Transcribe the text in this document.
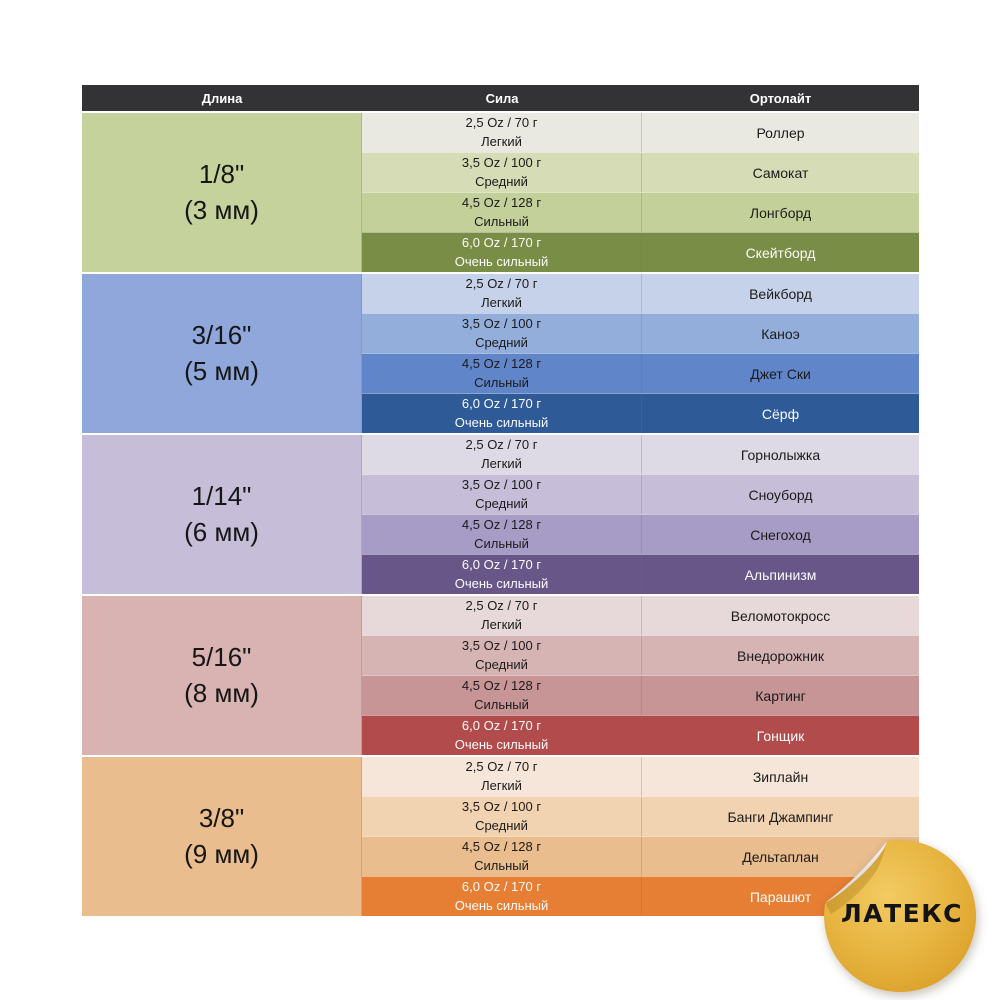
Длина	Сила	Ортолайт
1/8"
(3 мм)
2,5 Oz / 70 г
Легкий
Роллер
3,5 Oz / 100 г
Средний
Самокат
4,5 Oz / 128 г
Сильный
Лонгборд
6,0 Oz / 170 г
Очень сильный
Скейтборд
3/16"
(5 мм)
2,5 Oz / 70 г
Легкий
Вейкборд
3,5 Oz / 100 г
Средний
Каноэ
4,5 Oz / 128 г
Сильный
Джет Ски
6,0 Oz / 170 г
Очень сильный
Сёрф
1/14"
(6 мм)
2,5 Oz / 70 г
Легкий
Горнолыжка
3,5 Oz / 100 г
Средний
Сноуборд
4,5 Oz / 128 г
Сильный
Снегоход
6,0 Oz / 170 г
Очень сильный
Альпинизм
5/16"
(8 мм)
2,5 Oz / 70 г
Легкий
Веломотокросс
3,5 Oz / 100 г
Средний
Внедорожник
4,5 Oz / 128 г
Сильный
Картинг
6,0 Oz / 170 г
Очень сильный
Гонщик
3/8"
(9 мм)
2,5 Oz / 70 г
Легкий
Зиплайн
3,5 Oz / 100 г
Средний
Банги Джампинг
4,5 Oz / 128 г
Сильный
Дельтаплан
6,0 Oz / 170 г
Очень сильный
Парашют
ЛАТЕКС
